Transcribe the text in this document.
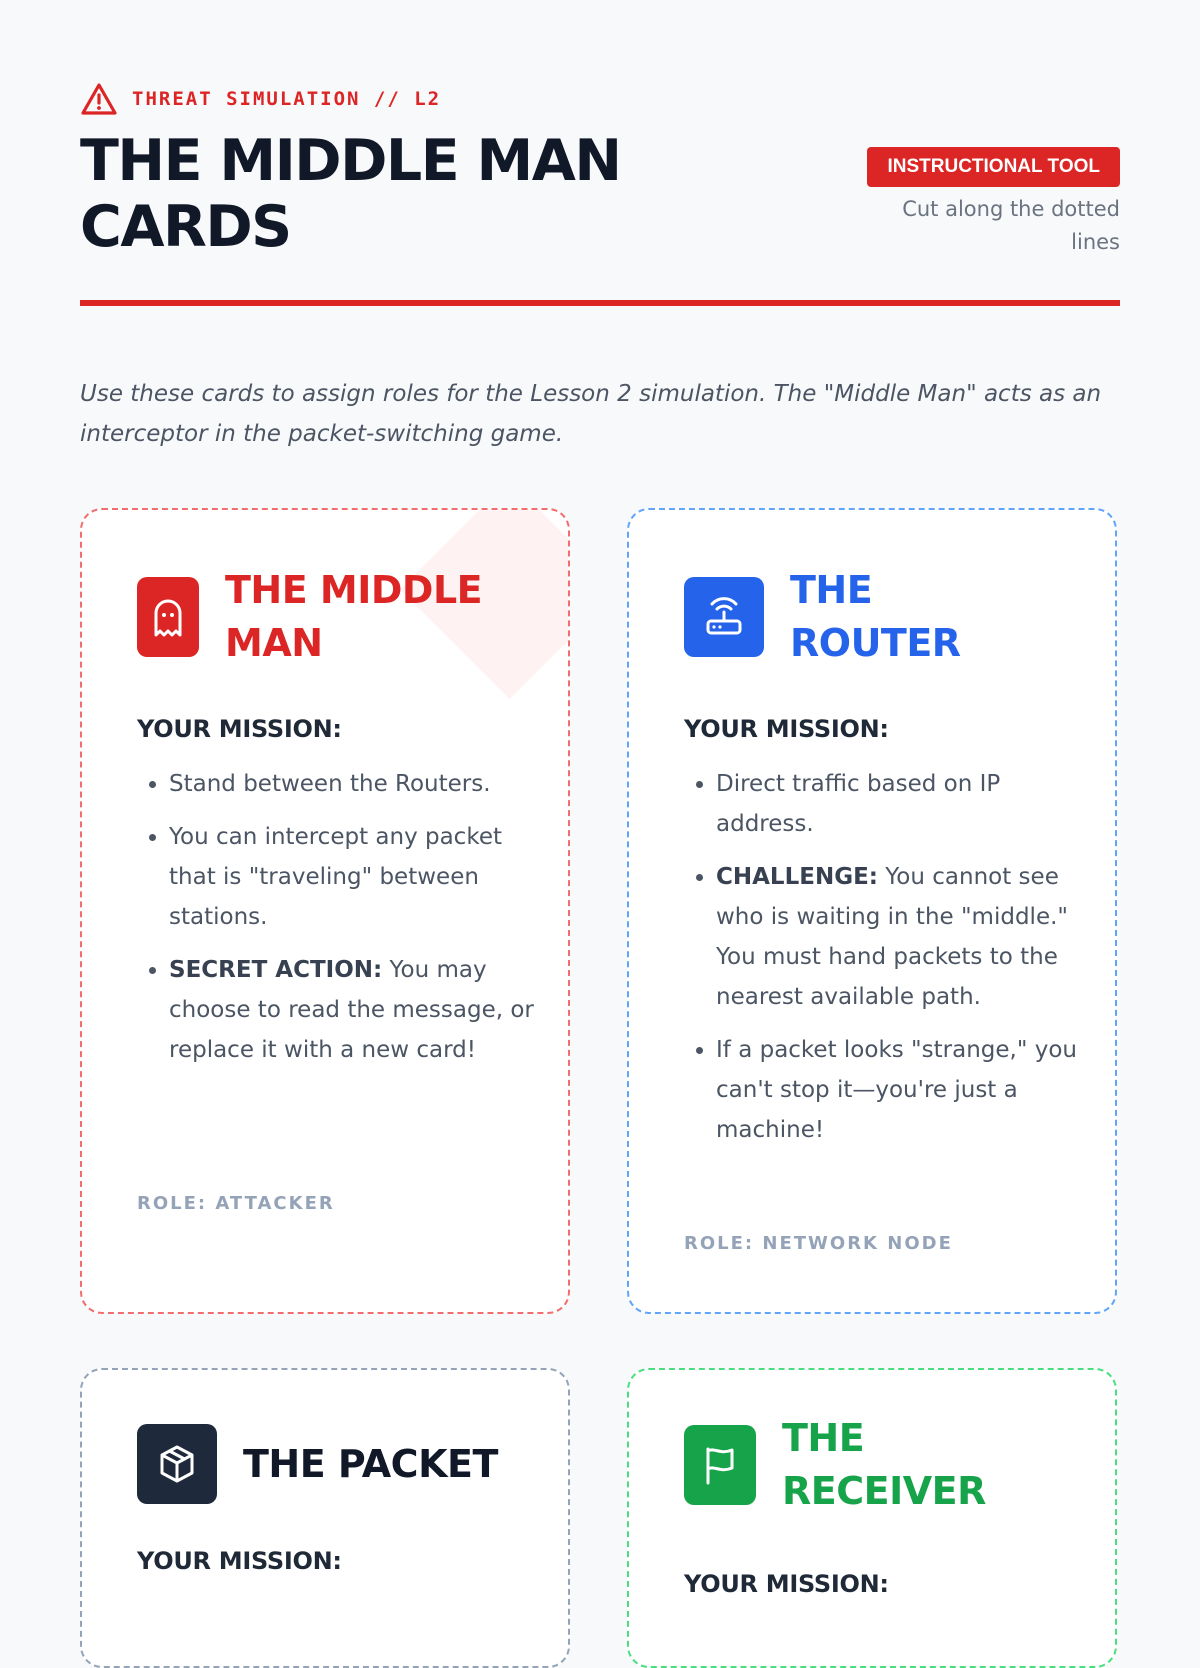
THREAT SIMULATION // L2
THE MIDDLE MAN CARDS
INSTRUCTIONAL TOOL
Cut along the dotted lines

Use these cards to assign roles for the Lesson 2 simulation. The "Middle Man" acts as an interceptor in the packet-switching game.

THE MIDDLE
MAN
YOUR MISSION:
• Stand between the Routers.
• You can intercept any packet that is "traveling" between stations.
• SECRET ACTION: You may choose to read the message, or replace it with a new card!
ROLE: ATTACKER
THE
ROUTER
YOUR MISSION:
• Direct traffic based on IP address.
• CHALLENGE: You cannot see who is waiting in the "middle." You must hand packets to the nearest available path.
• If a packet looks "strange," you can't stop it—you're just a machine!
ROLE: NETWORK NODE
THE PACKET
YOUR MISSION:
THE
RECEIVER
YOUR MISSION:
